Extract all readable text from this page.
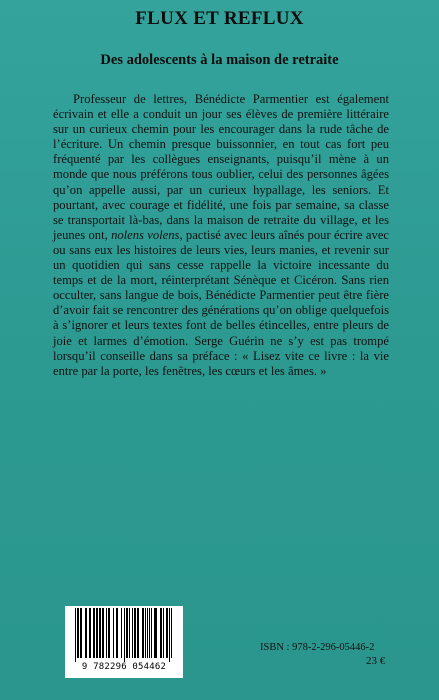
FLUX ET REFLUX
Des adolescents à la maison de retraite

Professeur de lettres, Bénédicte Parmentier est également écrivain et elle a conduit un jour ses élèves de première littéraire sur un curieux chemin pour les encourager dans la rude tâche de l’écriture. Un chemin presque buissonnier, en tout cas fort peu fréquenté par les collègues enseignants, puisqu’il mène à un monde que nous préférons tous oublier, celui des personnes âgées qu’on appelle aussi, par un curieux hypallage, les seniors. Et pourtant, avec courage et fidélité, une fois par semaine, sa classe se transportait là-bas, dans la maison de retraite du village, et les jeunes ont, nolens volens, pactisé avec leurs aînés pour écrire avec ou sans eux les histoires de leurs vies, leurs manies, et revenir sur un quotidien qui sans cesse rappelle la victoire incessante du temps et de la mort, réinterprétant Sénèque et Cicéron. Sans rien occulter, sans langue de bois, Bénédicte Parmentier peut être fière d’avoir fait se rencontrer des générations qu’on oblige quelquefois à s’ignorer et leurs textes font de belles étincelles, entre pleurs de joie et larmes d’émotion. Serge Guérin ne s’y est pas trompé lorsqu’il conseille dans sa préface : « Lisez vite ce livre : la vie entre par la porte, les fenêtres, les cœurs et les âmes. »

9 782296 054462
ISBN : 978-2-296-05446-2
23 €
